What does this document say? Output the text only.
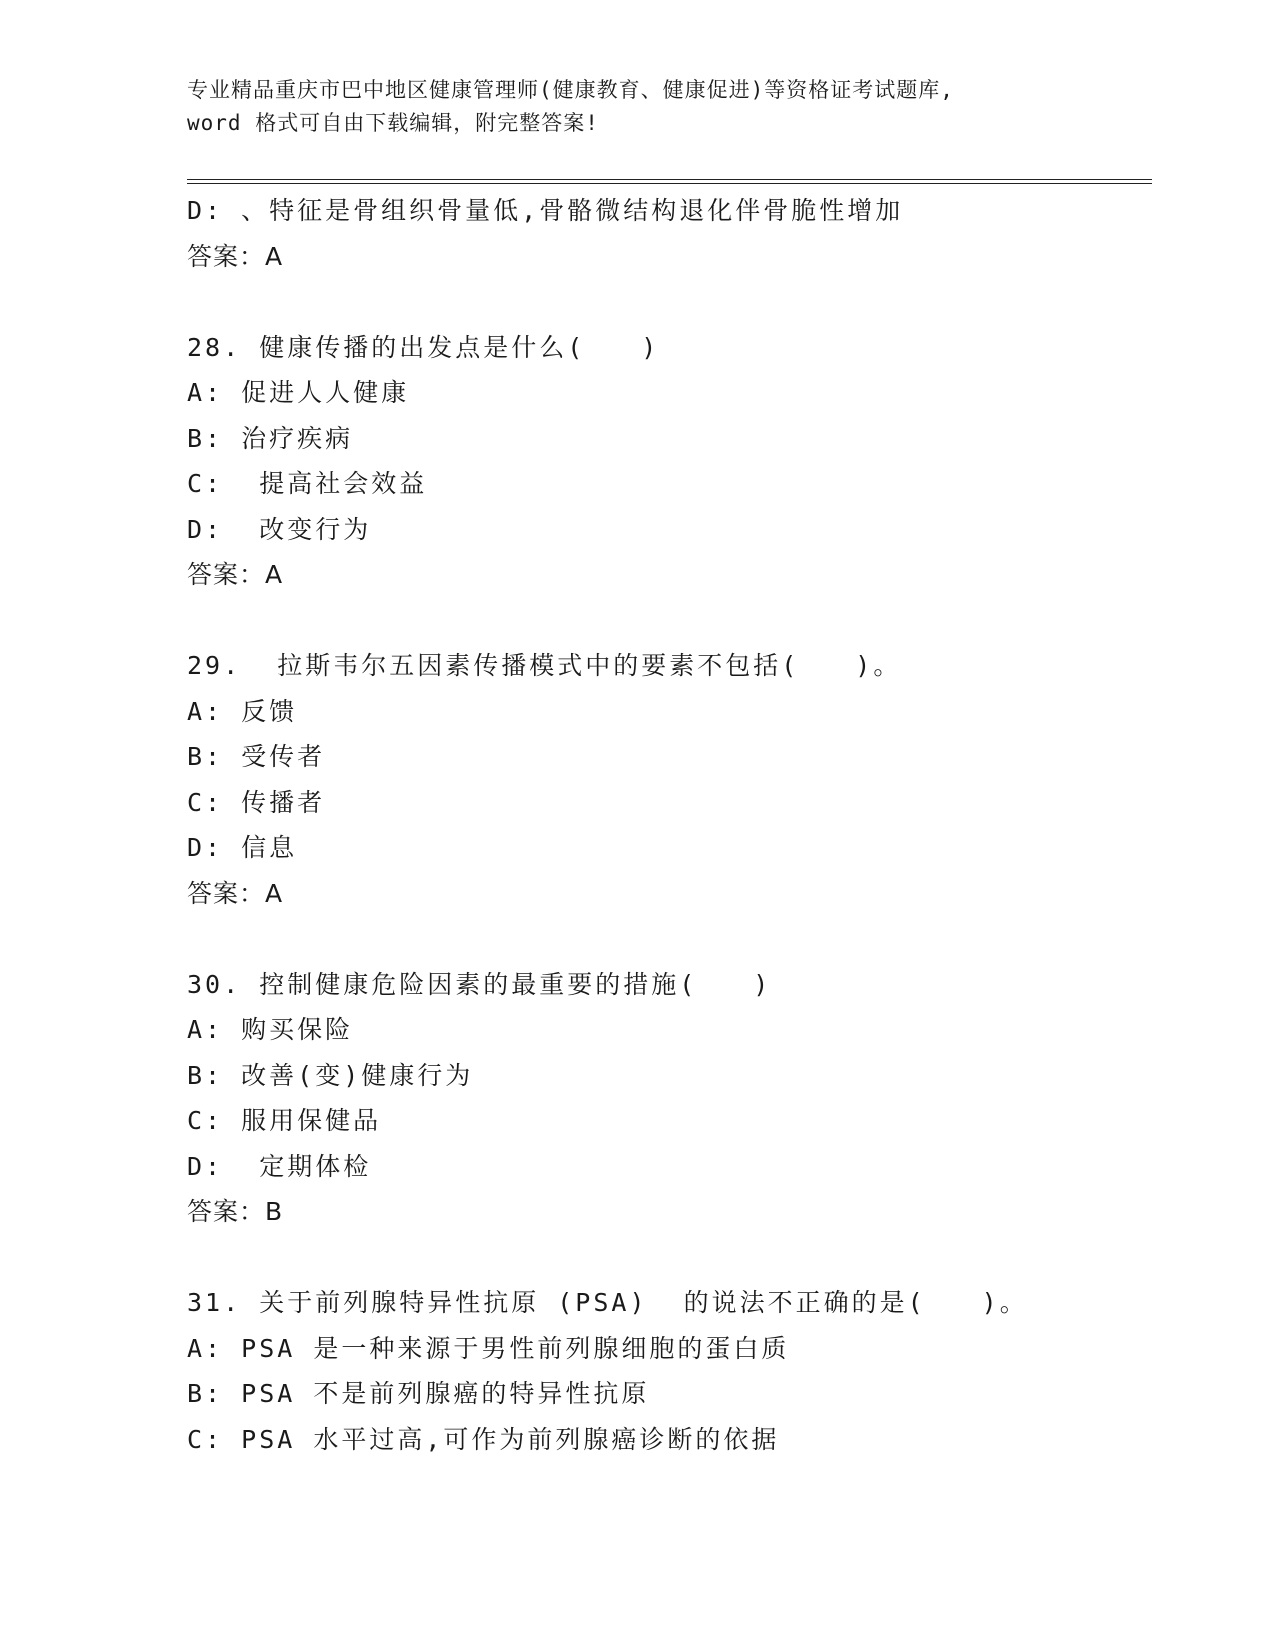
专业精品重庆市巴中地区健康管理师(健康教育、健康促进)等资格证考试题库,
word 格式可自由下载编辑，附完整答案!
D: 、特征是骨组织骨量低,骨骼微结构退化伴骨脆性增加
答案：A
28. 健康传播的出发点是什么(　　)
A: 促进人人健康
B: 治疗疾病
C:  提高社会效益
D:  改变行为
答案：A
29.  拉斯韦尔五因素传播模式中的要素不包括(　　)。
A: 反馈
B: 受传者
C: 传播者
D: 信息
答案：A
30. 控制健康危险因素的最重要的措施(　　)
A: 购买保险
B: 改善(变)健康行为
C: 服用保健品
D:  定期体检
答案：B
31. 关于前列腺特异性抗原 (PSA)  的说法不正确的是(　　)。
A: PSA 是一种来源于男性前列腺细胞的蛋白质
B: PSA 不是前列腺癌的特异性抗原
C: PSA 水平过高,可作为前列腺癌诊断的依据
